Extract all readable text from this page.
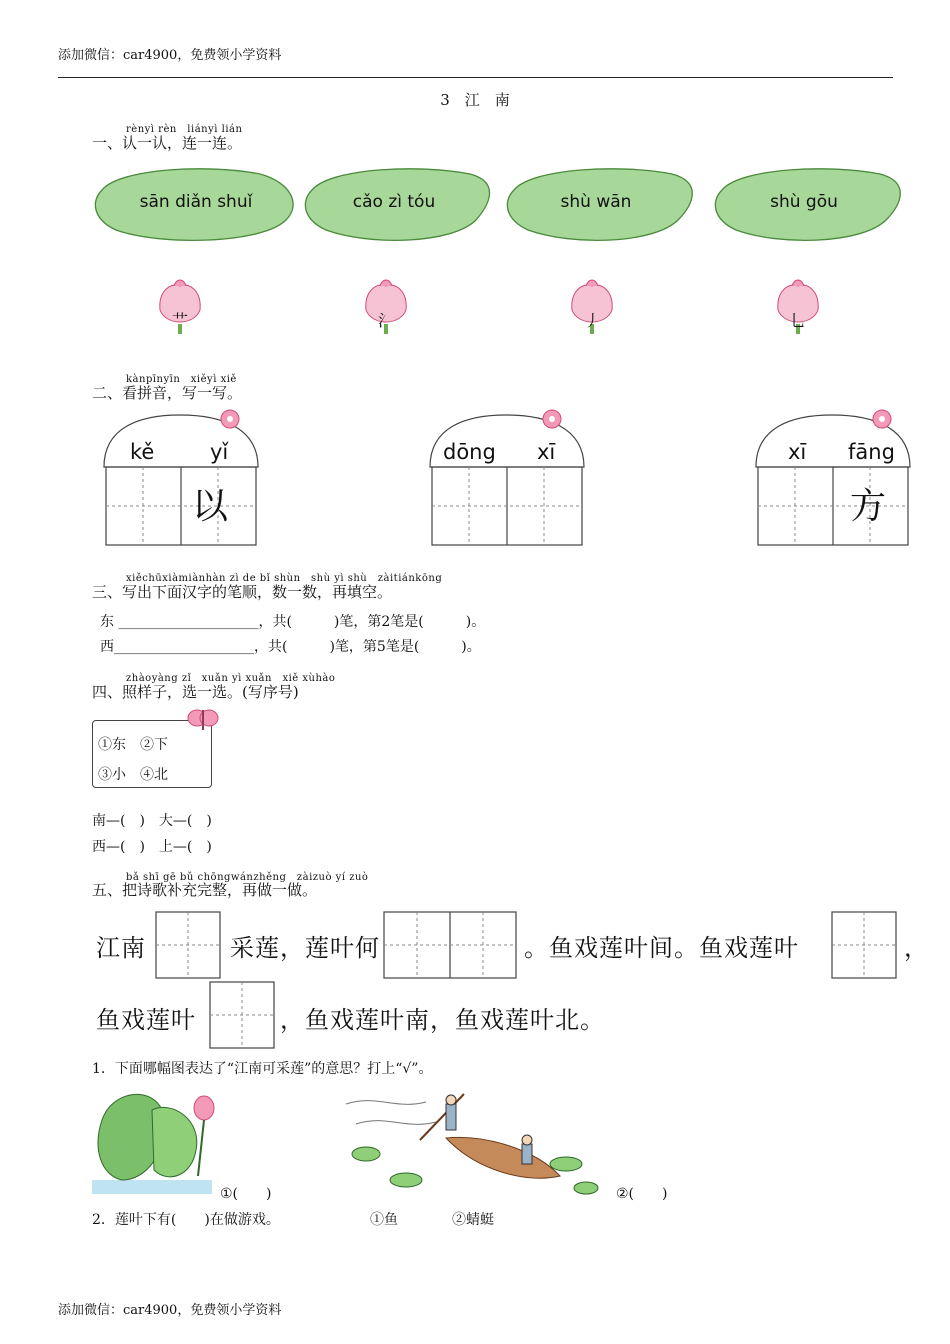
添加微信：car4900，免费领小学资料
3　江　南
rènyì rèn　liányì lián
一、认一认，连一连。
sān diǎn shuǐ	cǎo zì tóu	shù wān	shù gōu
艹	氵	丿	乚
kànpīnyīn　xiěyì xiě
二、看拼音，写一写。
kě	yǐ
以
dōng xī	xī fāng
方
xiěchūxiàmiànhàn zì de bǐ shùn　shù yì shù　zàitiánkōng
三、写出下面汉字的笔顺，数一数，再填空。
东 ____________________，共(　　　)笔，第2笔是(　　　)。
西____________________，共(　　　)笔，第5笔是(　　　)。
zhàoyàng zǐ　xuǎn yì xuǎn　xiě xùhào
四、照样子，选一选。(写序号)
①东　②下
③小　④北
南—(　)　大—(　)
西—(　)　上—(　)
bǎ shī gē bǔ chōngwánzhěng　zàizuò yí zuò
五、把诗歌补充完整，再做一做。
江南	采莲，莲叶何	。鱼戏莲叶间。鱼戏莲叶	，
鱼戏莲叶	，鱼戏莲叶南，鱼戏莲叶北。
1．下面哪幅图表达了“江南可采莲”的意思？打上“√”。
①(　　)	②(　　)
2．莲叶下有(　　)在做游戏。	①鱼	②蜻蜓
添加微信：car4900，免费领小学资料
